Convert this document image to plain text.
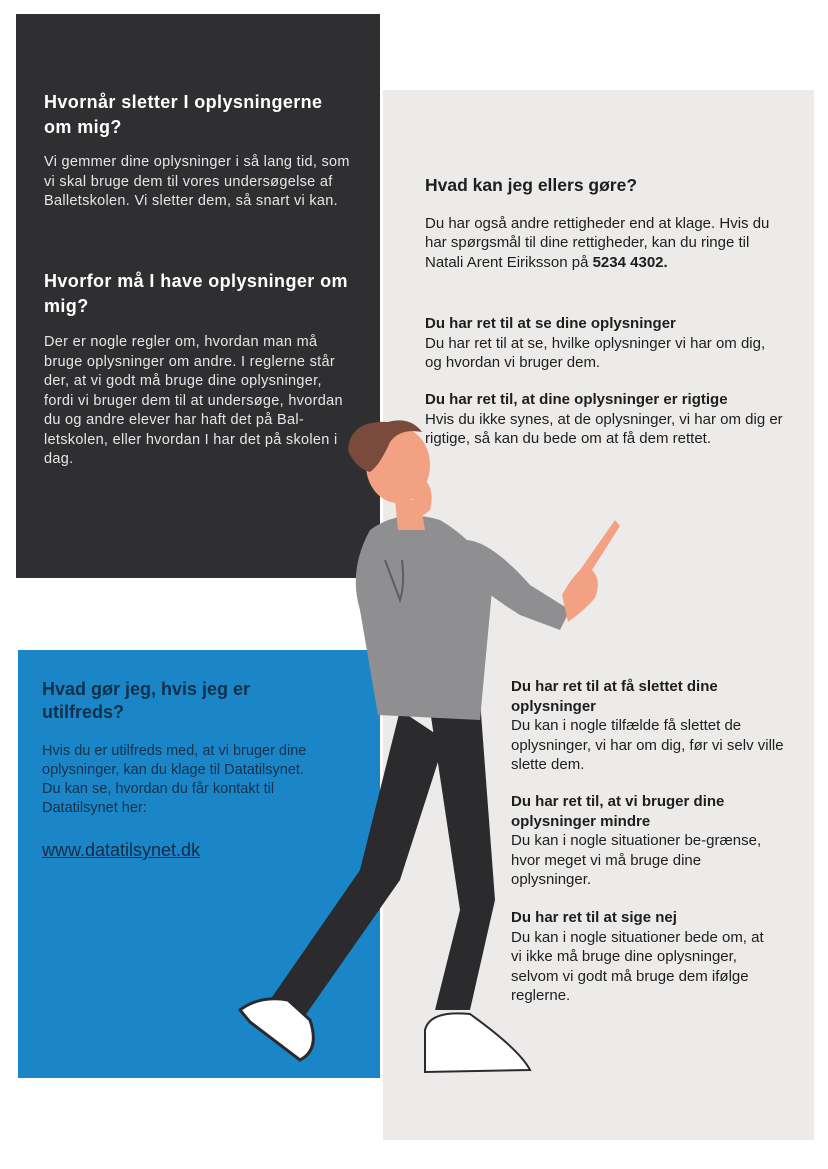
Hvad kan jeg ellers gøre?

Du har også andre rettigheder end at klage. Hvis du har spørgsmål til dine rettigheder, kan du ringe til Natali Arent Eiriksson på 5234 4302.

Du har ret til at se dine oplysninger

Du har ret til at se, hvilke oplysninger vi har om dig, og hvordan vi bruger dem.

Du har ret til, at dine oplysninger er rigtige

Hvis du ikke synes, at de oplysninger, vi har om dig er rigtige, så kan du bede om at få dem rettet.

Du har ret til at få slettet dine oplysninger

Du kan i nogle tilfælde få slettet de oplysninger, vi har om dig, før vi selv ville slette dem.

Du har ret til, at vi bruger dine oplysninger mindre

Du kan i nogle situationer be-grænse, hvor meget vi må bruge dine oplysninger.

Du har ret til at sige nej

Du kan i nogle situationer bede om, at vi ikke må bruge dine oplysninger, selvom vi godt må bruge dem ifølge reglerne.

Hvornår sletter I oplysningerne om mig?

Vi gemmer dine oplysninger i så lang tid, som vi skal bruge dem til vores undersøgelse af Balletskolen. Vi sletter dem, så snart vi kan.

Hvorfor må I have oplysninger om mig?

Der er nogle regler om, hvordan man må bruge oplysninger om andre. I reglerne står der, at vi godt må bruge dine oplysninger, fordi vi bruger dem til at undersøge, hvordan du og andre elever har haft det på Bal-letskolen, eller hvordan I har det på skolen i dag.

Hvad gør jeg, hvis jeg er utilfreds?

Hvis du er utilfreds med, at vi bruger dine oplysninger, kan du klage til Datatilsynet.

Du kan se, hvordan du får kontakt til Datatilsynet her:

www.datatilsynet.dk
